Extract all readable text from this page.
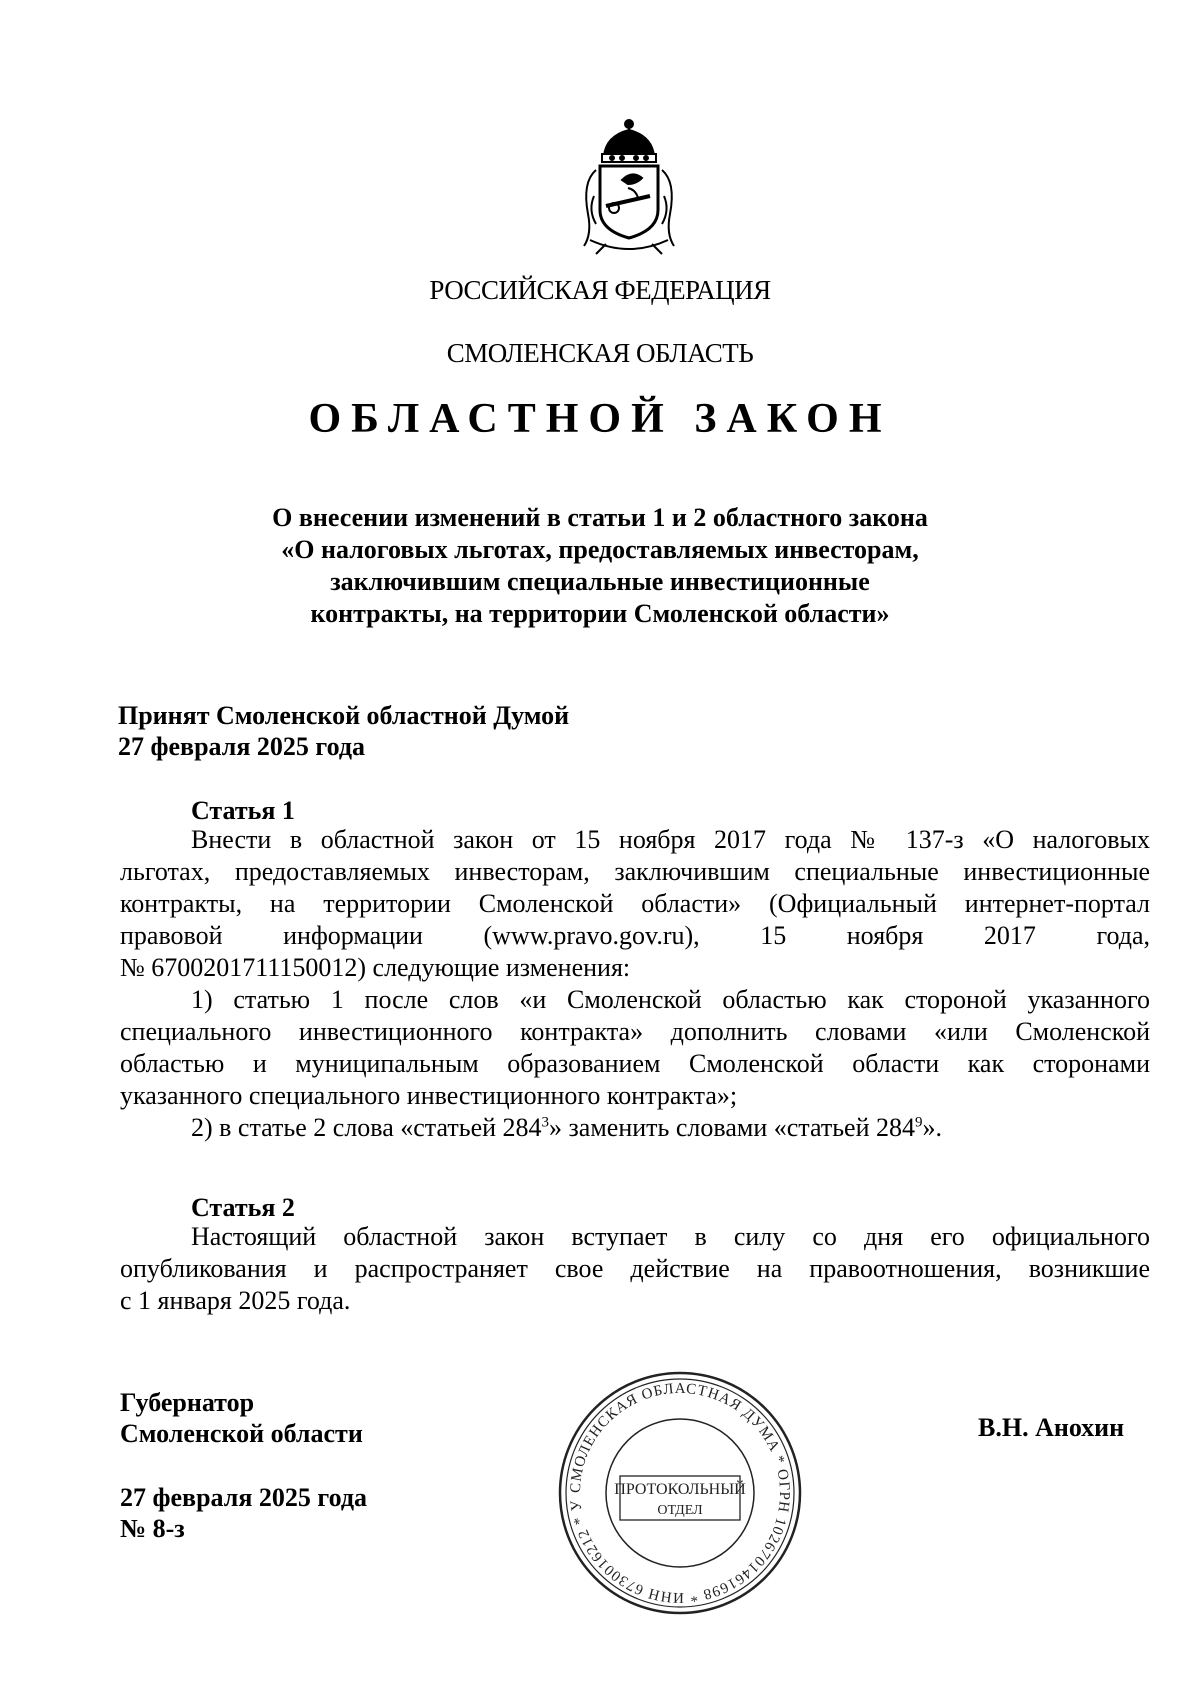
РОССИЙСКАЯ ФЕДЕРАЦИЯ
СМОЛЕНСКАЯ ОБЛАСТЬ
ОБЛАСТНОЙ ЗАКОН
О внесении изменений в статьи 1 и 2 областного закона
«О налоговых льготах, предоставляемых инвесторам,
заключившим специальные инвестиционные
контракты, на территории Смоленской области»
Принят Смоленской областной Думой
27 февраля 2025 года
Статья 1
Внести в областной закон от 15 ноября 2017 года № 137-з «О налоговых
льготах, предоставляемых инвесторам, заключившим специальные инвестиционные
контракты, на территории Смоленской области» (Официальный интернет-портал
правовой информации (www.pravo.gov.ru), 15 ноября 2017 года,
№ 6700201711150012) следующие изменения:
1) статью 1 после слов «и Смоленской областью как стороной указанного
специального инвестиционного контракта» дополнить словами «или Смоленской
областью и муниципальным образованием Смоленской области как сторонами
указанного специального инвестиционного контракта»;
2) в статье 2 слова «статьей $284^3$» заменить словами «статьей $284^9$».
Статья 2
Настоящий областной закон вступает в силу со дня его официального
опубликования и распространяет свое действие на правоотношения, возникшие
с 1 января 2025 года.
Губернатор
Смоленской области	В.Н. Анохин
27 февраля 2025 года
№ 8-з
СМОЛЕНСКАЯ ОБЛАСТНАЯ ДУМА * ОГРН 1026701461698 * ИНН 6730016212 * У
ПРОТОКОЛЬНЫЙ
ОТДЕЛ
